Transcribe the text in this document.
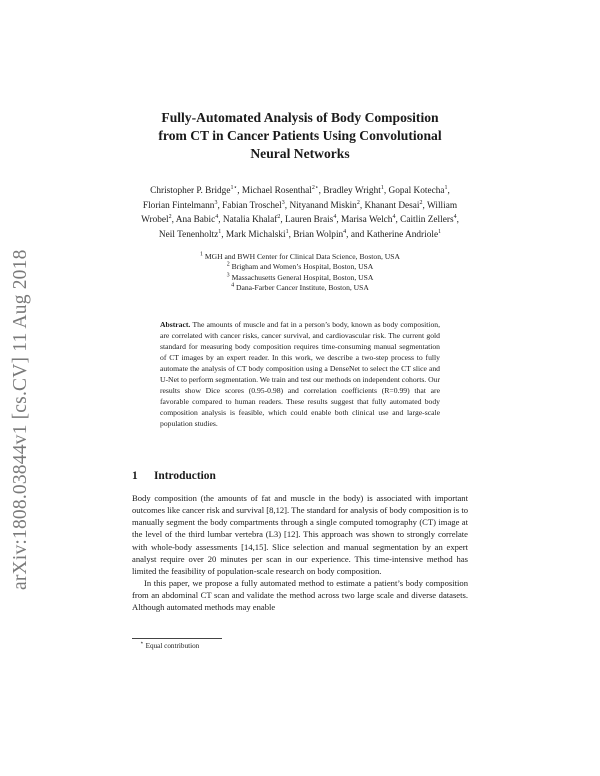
arXiv:1808.03844v1 [cs.CV] 11 Aug 2018
Fully-Automated Analysis of Body Composition
from CT in Cancer Patients Using Convolutional
Neural Networks
Christopher P. Bridge$^{1⋆}$, Michael Rosenthal$^{2⋆}$, Bradley Wright$^1$, Gopal Kotecha$^1$, Florian Fintelmann$^3$, Fabian Troschel$^3$, Nityanand Miskin$^2$, Khanant Desai$^2$, William Wrobel$^2$, Ana Babic$^4$, Natalia Khalaf$^2$, Lauren Brais$^4$, Marisa Welch$^4$, Caitlin Zellers$^4$, Neil Tenenholtz$^1$, Mark Michalski$^1$, Brian Wolpin$^4$, and Katherine Andriole$^1$
$^1$ MGH and BWH Center for Clinical Data Science, Boston, USA
$^2$ Brigham and Women’s Hospital, Boston, USA
$^3$ Massachusetts General Hospital, Boston, USA
$^4$ Dana-Farber Cancer Institute, Boston, USA
Abstract. The amounts of muscle and fat in a person’s body, known as body composition, are correlated with cancer risks, cancer survival, and cardiovascular risk. The current gold standard for measuring body composition requires time-consuming manual segmentation of CT images by an expert reader. In this work, we describe a two-step process to fully automate the analysis of CT body composition using a DenseNet to select the CT slice and U-Net to perform segmentation. We train and test our methods on independent cohorts. Our results show Dice scores (0.95-0.98) and correlation coefficients (R=0.99) that are favorable compared to human readers. These results suggest that fully automated body composition analysis is feasible, which could enable both clinical use and large-scale population studies.
1 Introduction

Body composition (the amounts of fat and muscle in the body) is associated with important outcomes like cancer risk and survival [8,12]. The standard for analysis of body composition is to manually segment the body compartments through a single computed tomography (CT) image at the level of the third lumbar vertebra (L3) [12]. This approach was shown to strongly correlate with whole-body assessments [14,15]. Slice selection and manual segmentation by an expert analyst require over 20 minutes per scan in our experience. This time-intensive method has limited the feasibility of population-scale research on body composition.

In this paper, we propose a fully automated method to estimate a patient’s body composition from an abdominal CT scan and validate the method across two large scale and diverse datasets. Although automated methods may enable

⋆ Equal contribution
